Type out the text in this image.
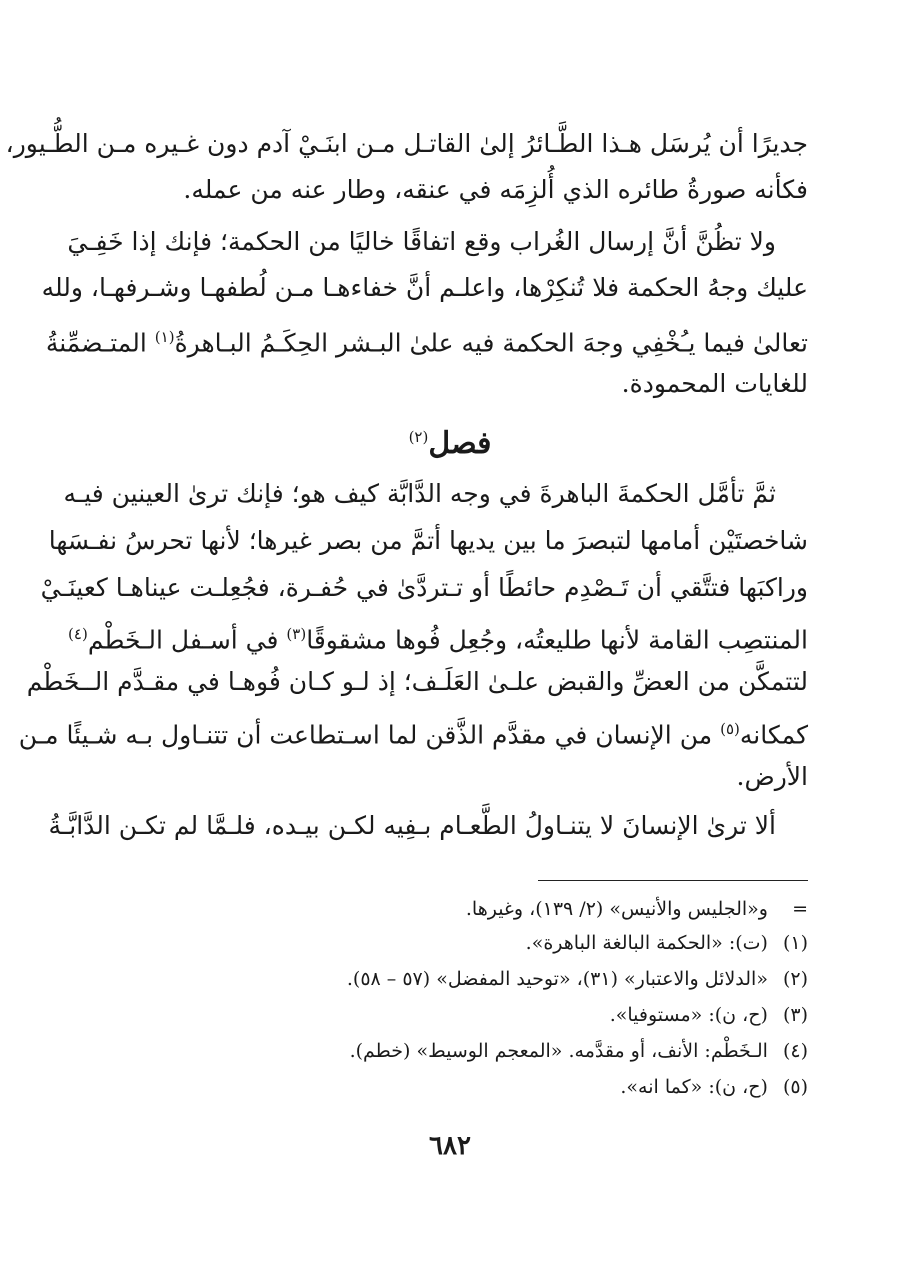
جديرًا أن يُرسَل هـذا الطَّـائرُ إلىٰ القاتـل مـن ابنَـيْ آدم دون غـيره مـن الطُّـيور،
فكأنه صورةُ طائره الذي أُلزِمَه في عنقه، وطار عنه من عمله.
ولا تظُنَّ أنَّ إرسال الغُراب وقع اتفاقًا خاليًا من الحكمة؛ فإنك إذا خَفِـيَ
عليك وجهُ الحكمة فلا تُنكِرْها، واعلـم أنَّ خفاءهـا مـن لُطفهـا وشـرفهـا، ولله
تعالىٰ فيما يـُخْفِي وجهَ الحكمة فيه علىٰ البـشر الحِكَـمُ البـاهرةُ$^{(١)}$ المتـضمِّنةُ
للغايات المحمودة.
فصل$^{(٢)}$
ثمَّ تأمَّل الحكمةَ الباهرةَ في وجه الدَّابَّة كيف هو؛ فإنك ترىٰ العينين فيـه
شاخصتَيْن أمامها لتبصرَ ما بين يديها أتمَّ من بصر غيرها؛ لأنها تحرسُ نفـسَها
وراكبَها فتتَّقي أن تَـصْدِم حائطًا أو تـتردَّىٰ في حُفـرة، فجُعِلـت عيناهـا كعينَـيْ
المنتصِب القامة لأنها طليعتُه، وجُعِل فُوها مشقوقًا$^{(٣)}$ في أسـفل الـخَطْم$^{(٤)}$
لتتمكَّن من العضِّ والقبض علـىٰ العَلَـف؛ إذ لـو كـان فُوهـا في مقـدَّم الــخَطْم
كمكانه$^{(٥)}$ من الإنسان في مقدَّم الذَّقن لما اسـتطاعت أن تتنـاول بـه شـيئًا مـن
الأرض.
ألا ترىٰ الإنسانَ لا يتنـاولُ الطَّعـام بـفِيه لكـن بيـده، فلـمَّا لم تكـن الدَّابَّـةُ
= و«الجليس والأنيس» (٢/ ١٣٩)، وغيرها.
(١) (ت): «الحكمة البالغة الباهرة».
(٢) «الدلائل والاعتبار» (٣١)، «توحيد المفضل» (٥٧ – ٥٨).
(٣) (ح، ن): «مستوفيا».
(٤) الـخَطْم: الأنف، أو مقدَّمه. «المعجم الوسيط» (خطم).
(٥) (ح، ن): «كما انه».
٦٨٢
